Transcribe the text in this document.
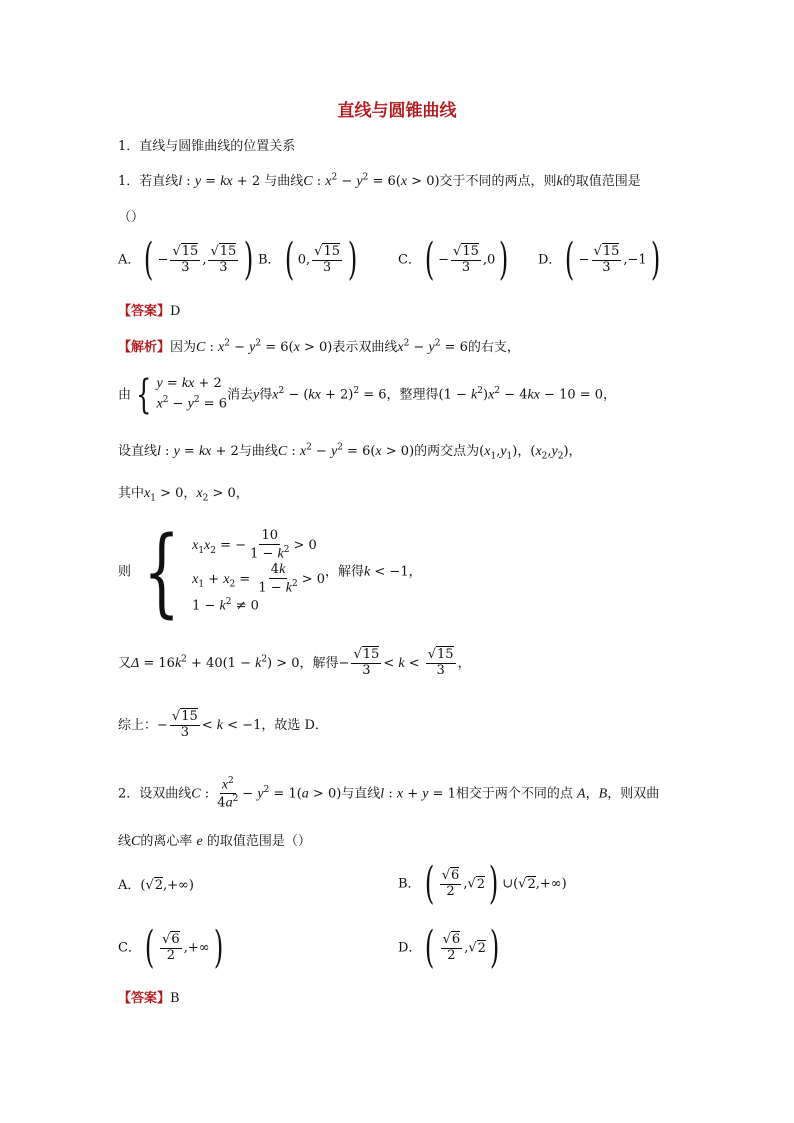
直线与圆锥曲线
1．直线与圆锥曲线的位置关系
1．若直线l : y = kx + 2 与曲线C : $x^2 - y^2 = 6(x > 0)$交于不同的两点，则k的取值范围是
（）
A．( − $\frac{√15}{3}$ , $\frac{√15}{3}$ ) B．( 0, $\frac{√15}{3}$ )	C．( − $\frac{√15}{3} ,0$) D．( − $\frac{√15}{3} ,-1$)
【答案】D
【解析】因为C : $x^2 - y^2 = 6(x > 0)$表示双曲线$x^2 - y^2 = 6$的右支，
由 { y = kx + 2
$x^2 - y^2 = 6$
消去y得$x^2 - (kx + 2)^2 = 6$，整理得$(1 - k^2)x^2 - 4kx - 10 = 0$，
设直线l : y = kx + 2与曲线C : $x^2 - y^2 = 6(x > 0)$的两交点为$(x_1,y_1)$，$(x_2,y_2)$，
其中$x_1 > 0$，$x_2 > 0$，
则 { $x_1x_2$ = − $\frac{10}{1 - k^2} > 0$
$x_1 + x_2 = \frac{4k}{1 - k^2} > 0$
$1 - k^2 \ne 0$
，解得k < −1，
又$\Delta = 16k^2 + 40(1 - k^2) > 0$，解得− $\frac{√15}{3} < k < \frac{√15}{3}$ ，
综上：− $\frac{√15}{3} < k < -1$，故选 D．
2．设双曲线C : $\frac{x^2}{4a^2} - y^2 = 1(a > 0)$与直线l : x + y = 1相交于两个不同的点 A，B，则双曲
线C的离心率 e 的取值范围是（）
A．(√2,+∞)	B．( $\frac{√6}{2} ,√2$) ∪(√2,+∞)
C．( $\frac{√6}{2}$ ,+∞)	D．( $\frac{√6}{2} ,√2$)
【答案】B
